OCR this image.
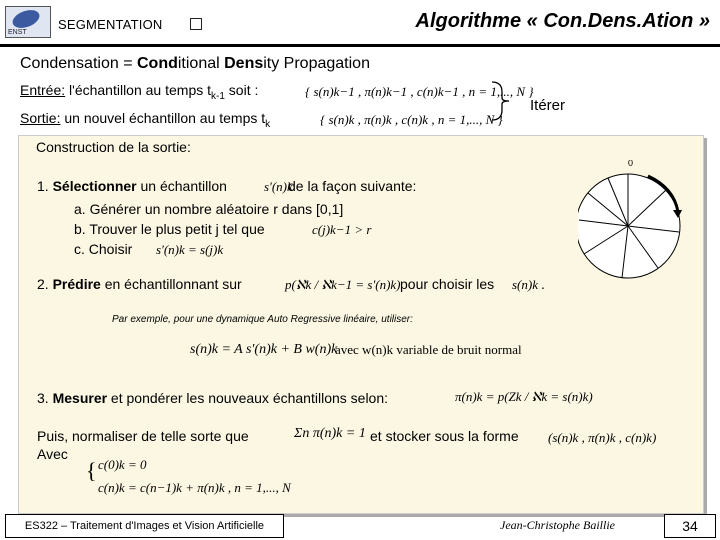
ENST
SEGMENTATION	Algorithme « Con.Dens.Ation »
Condensation = Conditional Density Propagation
Entrée: l'échantillon au temps $t_{k-1}$ soit :	{ s(n)k−1 , π(n)k−1 , c(n)k−1 , n = 1,..., N }
Sortie: un nouvel échantillon au temps $t_k$	{ s(n)k , π(n)k , c(n)k , n = 1,..., N }
Itérer
Construction de la sortie:
0
1. Sélectionner un échantillon	s'(n)k
de la façon suivante:
a. Générer un nombre aléatoire r dans [0,1]
b. Trouver le plus petit j tel que	c(j)k−1 > r
c. Choisir s'(n)k = s(j)k
2. Prédire en échantillonnant sur	p(ℵk / ℵk−1 = s'(n)k) pour choisir les s(n)k .
Par exemple, pour une dynamique Auto Regressive linéaire, utiliser:
s(n)k = A s'(n)k + B w(n)k
avec w(n)k variable de bruit normal
3. Mesurer et pondérer les nouveaux échantillons selon:	π(n)k = p(Zk / ℵk = s(n)k)
Puis, normaliser de telle sorte que	Σn π(n)k = 1 et stocker sous la forme (s(n)k , π(n)k , c(n)k)
Avec
{ c(0)k = 0
c(n)k = c(n−1)k + π(n)k , n = 1,..., N
ES322 – Traitement d'Images et Vision Artificielle	Jean-Christophe Baillie	34
